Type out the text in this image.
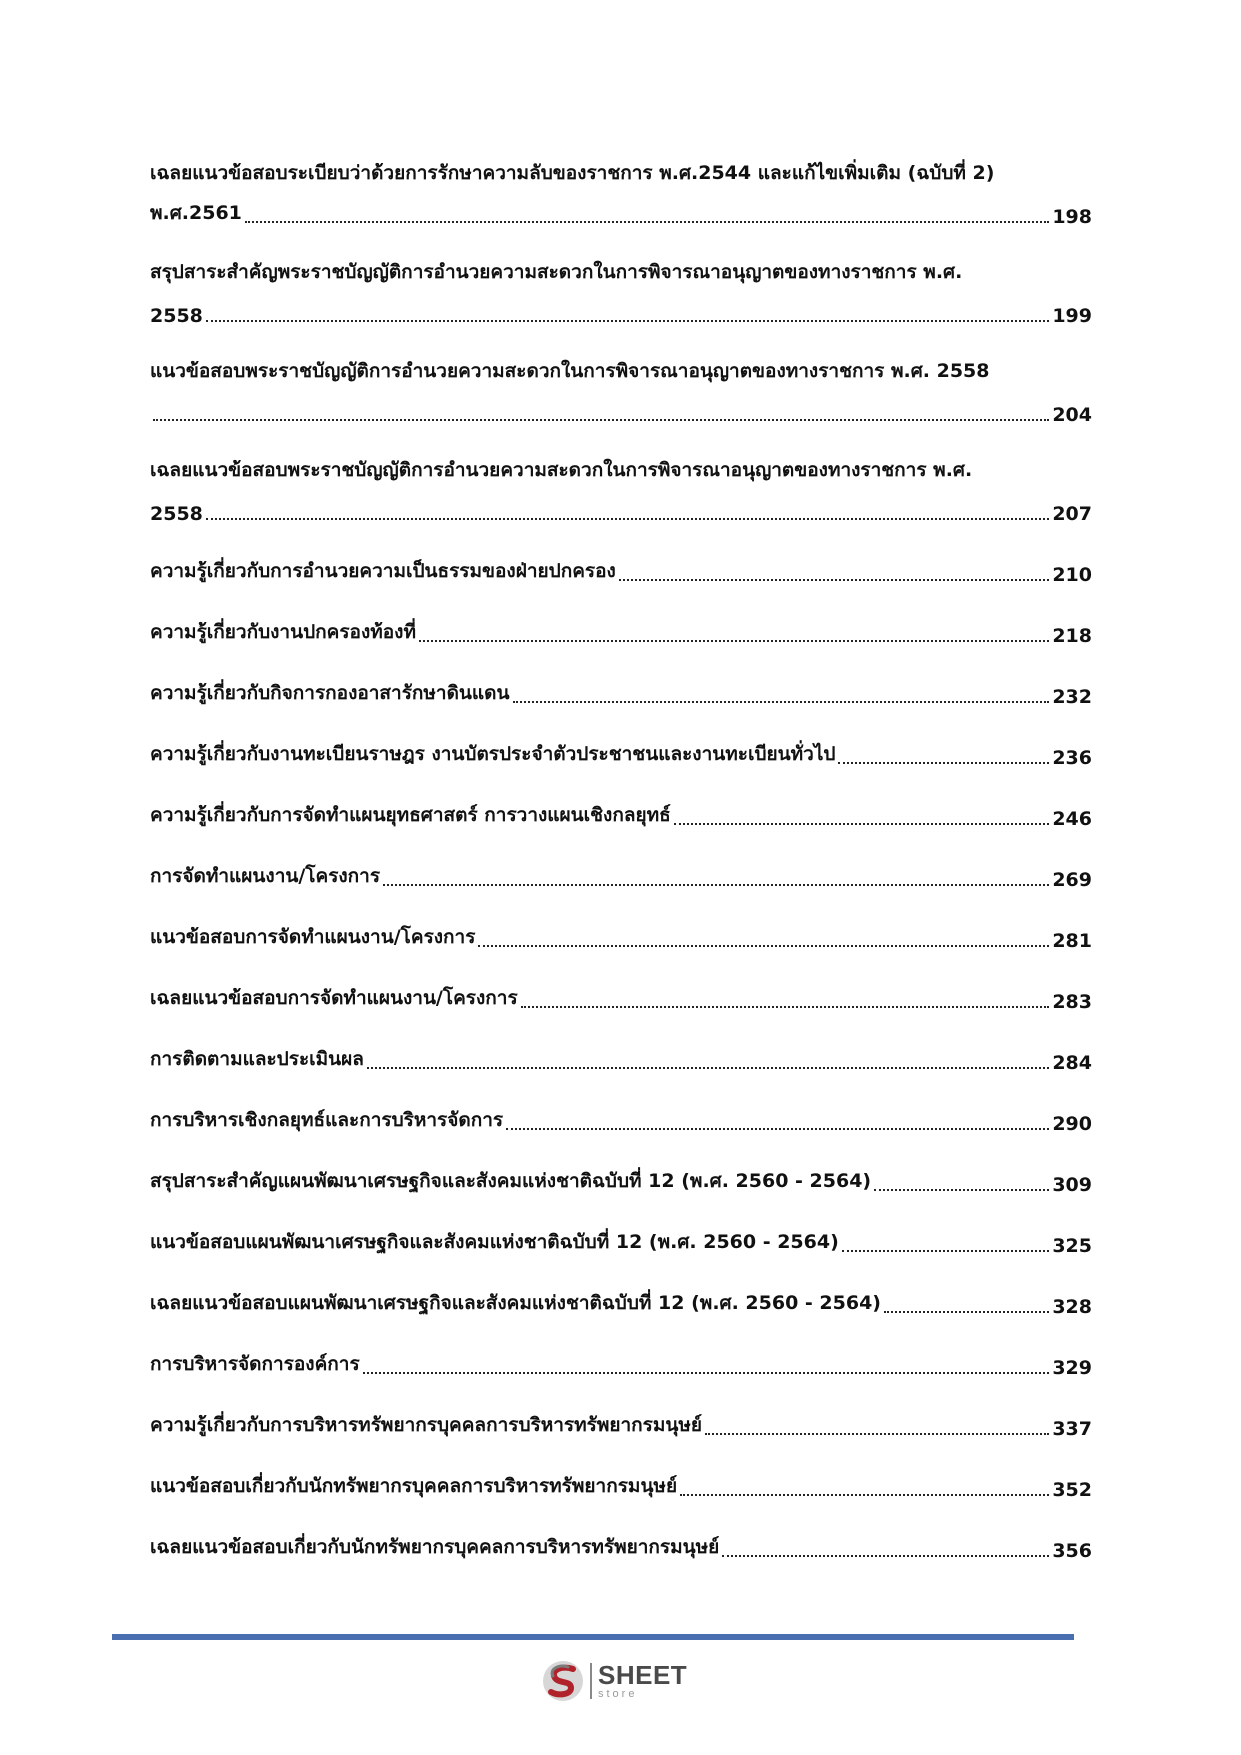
เฉลยแนวข้อสอบระเบียบว่าด้วยการรักษาความลับของราชการ พ.ศ.2544 และแก้ไขเพิ่มเติม (ฉบับที่ 2)
พ.ศ.2561	198
สรุปสาระสำคัญพระราชบัญญัติการอำนวยความสะดวกในการพิจารณาอนุญาตของทางราชการ พ.ศ.
2558	199
แนวข้อสอบพระราชบัญญัติการอำนวยความสะดวกในการพิจารณาอนุญาตของทางราชการ พ.ศ. 2558
204
เฉลยแนวข้อสอบพระราชบัญญัติการอำนวยความสะดวกในการพิจารณาอนุญาตของทางราชการ พ.ศ.
2558	207
ความรู้เกี่ยวกับการอำนวยความเป็นธรรมของฝ่ายปกครอง	210
ความรู้เกี่ยวกับงานปกครองท้องที่	218
ความรู้เกี่ยวกับกิจการกองอาสารักษาดินแดน	232
ความรู้เกี่ยวกับงานทะเบียนราษฎร งานบัตรประจำตัวประชาชนและงานทะเบียนทั่วไป	236
ความรู้เกี่ยวกับการจัดทำแผนยุทธศาสตร์ การวางแผนเชิงกลยุทธ์	246
การจัดทำแผนงาน/โครงการ	269
แนวข้อสอบการจัดทำแผนงาน/โครงการ	281
เฉลยแนวข้อสอบการจัดทำแผนงาน/โครงการ	283
การติดตามและประเมินผล	284
การบริหารเชิงกลยุทธ์และการบริหารจัดการ	290
สรุปสาระสำคัญแผนพัฒนาเศรษฐกิจและสังคมแห่งชาติฉบับที่ 12 (พ.ศ. 2560 - 2564)	309
แนวข้อสอบแผนพัฒนาเศรษฐกิจและสังคมแห่งชาติฉบับที่ 12 (พ.ศ. 2560 - 2564)	325
เฉลยแนวข้อสอบแผนพัฒนาเศรษฐกิจและสังคมแห่งชาติฉบับที่ 12 (พ.ศ. 2560 - 2564)	328
การบริหารจัดการองค์การ	329
ความรู้เกี่ยวกับการบริหารทรัพยากรบุคคลการบริหารทรัพยากรมนุษย์	337
แนวข้อสอบเกี่ยวกับนักทรัพยากรบุคคลการบริหารทรัพยากรมนุษย์	352
เฉลยแนวข้อสอบเกี่ยวกับนักทรัพยากรบุคคลการบริหารทรัพยากรมนุษย์	356
SHEET
store
